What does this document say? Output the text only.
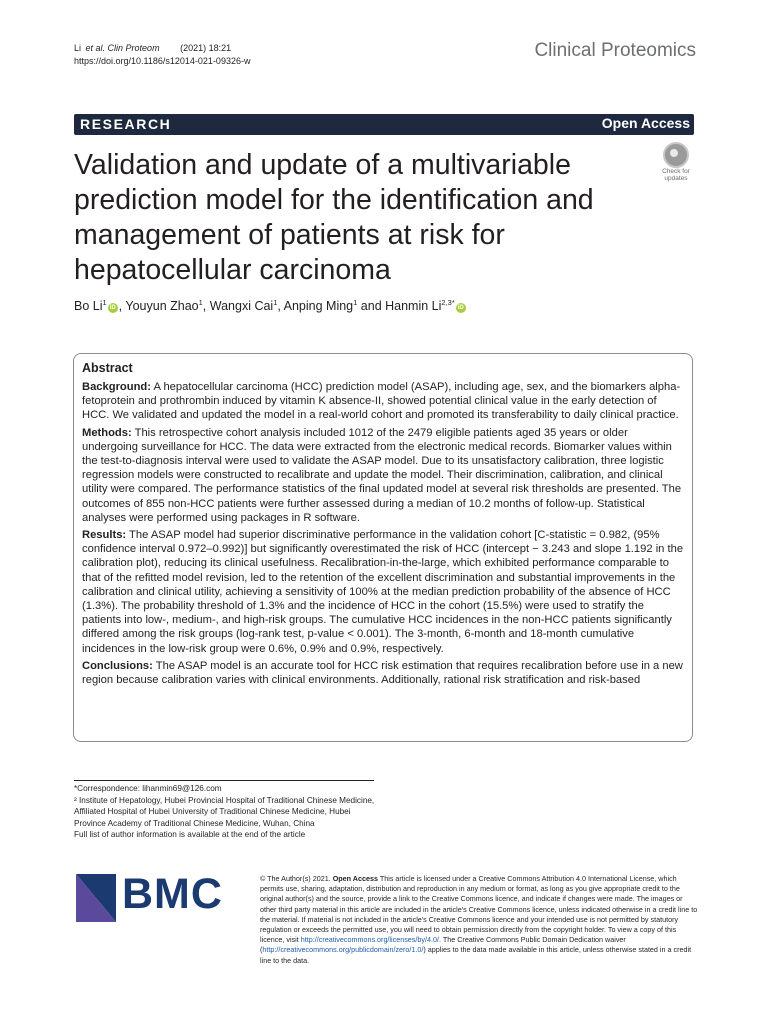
Li et al. Clin Proteom (2021) 18:21
https://doi.org/10.1186/s12014-021-09326-w	Clinical Proteomics
RESEARCH	Open Access
Validation and update of a multivariable prediction model for the identification and management of patients at risk for hepatocellular carcinoma
Check for
updates
Bo Li$^1$iD , Youyun Zhao$^1$, Wangxi Cai$^1$, Anping Ming$^1$ and Hanmin $Li^{2,3*}iD$
Abstract

Background: A hepatocellular carcinoma (HCC) prediction model (ASAP), including age, sex, and the biomarkers alpha-fetoprotein and prothrombin induced by vitamin K absence-II, showed potential clinical value in the early detection of HCC. We validated and updated the model in a real-world cohort and promoted its transferability to daily clinical practice.

Methods: This retrospective cohort analysis included 1012 of the 2479 eligible patients aged 35 years or older undergoing surveillance for HCC. The data were extracted from the electronic medical records. Biomarker values within the test-to-diagnosis interval were used to validate the ASAP model. Due to its unsatisfactory calibration, three logistic regression models were constructed to recalibrate and update the model. Their discrimination, calibration, and clinical utility were compared. The performance statistics of the final updated model at several risk thresholds are presented. The outcomes of 855 non-HCC patients were further assessed during a median of 10.2 months of follow-up. Statistical analyses were performed using packages in R software.

Results: The ASAP model had superior discriminative performance in the validation cohort [C-statistic = 0.982, (95% confidence interval 0.972–0.992)] but significantly overestimated the risk of HCC (intercept − 3.243 and slope 1.192 in the calibration plot), reducing its clinical usefulness. Recalibration-in-the-large, which exhibited performance comparable to that of the refitted model revision, led to the retention of the excellent discrimination and substantial improvements in the calibration and clinical utility, achieving a sensitivity of 100% at the median prediction probability of the absence of HCC (1.3%). The probability threshold of 1.3% and the incidence of HCC in the cohort (15.5%) were used to stratify the patients into low-, medium-, and high-risk groups. The cumulative HCC incidences in the non-HCC patients significantly differed among the risk groups (log-rank test, p-value < 0.001). The 3-month, 6-month and 18-month cumulative incidences in the low-risk group were 0.6%, 0.9% and 0.9%, respectively.

Conclusions: The ASAP model is an accurate tool for HCC risk estimation that requires recalibration before use in a new region because calibration varies with clinical environments. Additionally, rational risk stratification and risk-based

*Correspondence: lihanmin69@126.com

² Institute of Hepatology, Hubei Provincial Hospital of Traditional Chinese Medicine, Affiliated Hospital of Hubei University of Traditional Chinese Medicine, Hubei Province Academy of Traditional Chinese Medicine, Wuhan, China

Full list of author information is available at the end of the article

BMC	© The Author(s) 2021. Open Access This article is licensed under a Creative Commons Attribution 4.0 International License, which permits use, sharing, adaptation, distribution and reproduction in any medium or format, as long as you give appropriate credit to the original author(s) and the source, provide a link to the Creative Commons licence, and indicate if changes were made. The images or other third party material in this article are included in the article's Creative Commons licence, unless indicated otherwise in a credit line to the material. If material is not included in the article's Creative Commons licence and your intended use is not permitted by statutory regulation or exceeds the permitted use, you will need to obtain permission directly from the copyright holder. To view a copy of this licence, visit http://creativecommons.org/licenses/by/4.0/. The Creative Commons Public Domain Dedication waiver (http://creativecommons.org/publicdomain/zero/1.0/) applies to the data made available in this article, unless otherwise stated in a credit line to the data.
